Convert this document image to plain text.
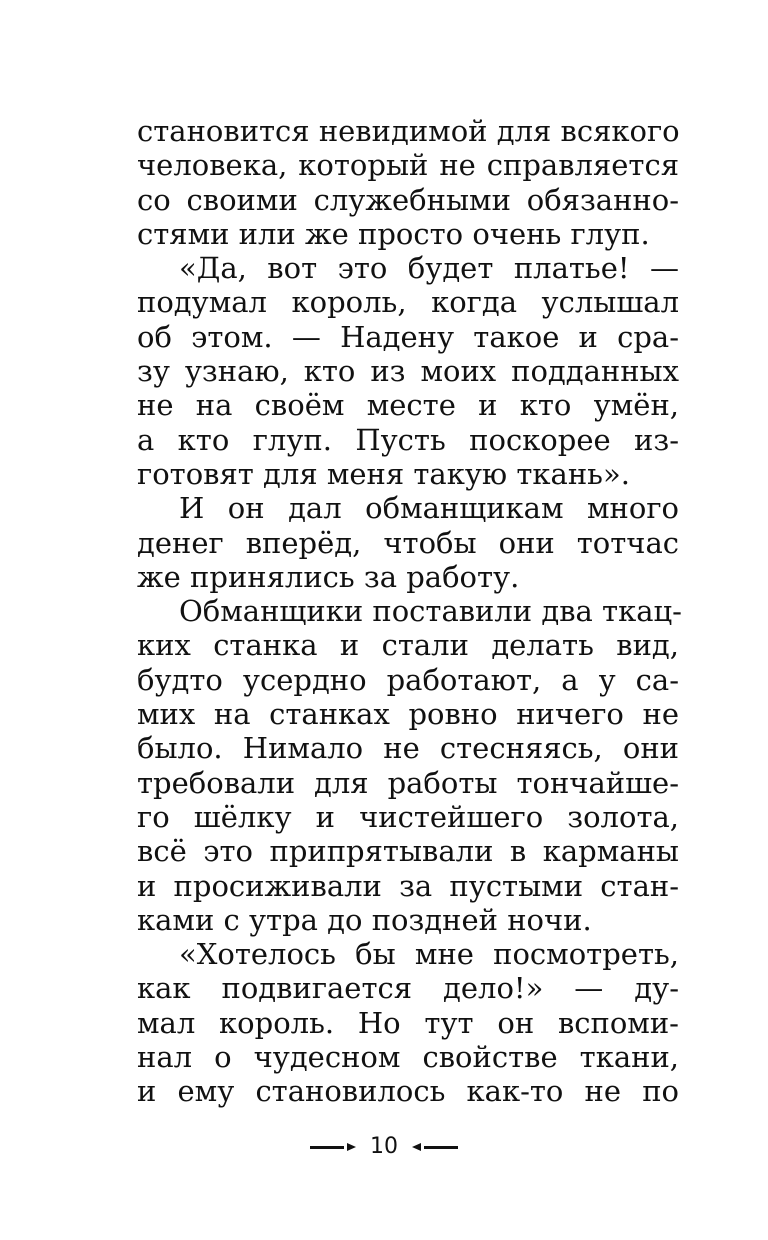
становится невидимой для всякого
человека, который не справляется
со своими служебными обязанно-
стями или же просто очень глуп.
«Да, вот это будет платье! —
подумал король, когда услышал
об этом. — Надену такое и сра-
зу узнаю, кто из моих подданных
не на своём месте и кто умён,
а кто глуп. Пусть поскорее из-
готовят для меня такую ткань».
И он дал обманщикам много
денег вперёд, чтобы они тотчас
же принялись за работу.
Обманщики поставили два ткац-
ких станка и стали делать вид,
будто усердно работают, а у са-
мих на станках ровно ничего не
было. Нимало не стесняясь, они
требовали для работы тончайше-
го шёлку и чистейшего золота,
всё это припрятывали в карманы
и просиживали за пустыми стан-
ками с утра до поздней ночи.
«Хотелось бы мне посмотреть,
как подвигается дело!» — ду-
мал король. Но тут он вспоми-
нал о чудесном свойстве ткани,
и ему становилось как-то не по
10
